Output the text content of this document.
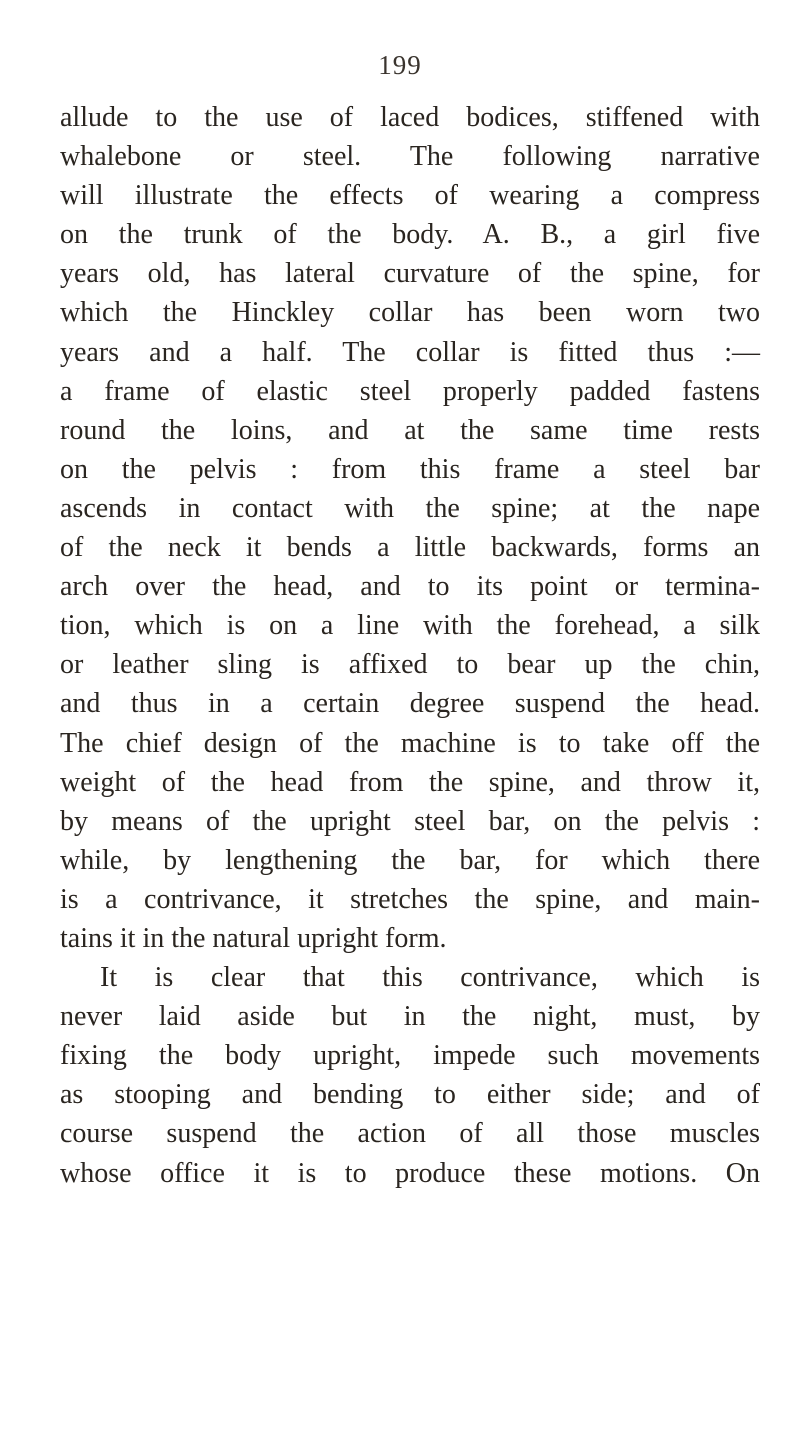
199
allude to the use of laced bodices, stiffened with
whalebone or steel. The following narrative
will illustrate the effects of wearing a compress
on the trunk of the body. A. B., a girl five
years old, has lateral curvature of the spine, for
which the Hinckley collar has been worn two
years and a half. The collar is fitted thus :—
a frame of elastic steel properly padded fastens
round the loins, and at the same time rests
on the pelvis : from this frame a steel bar
ascends in contact with the spine; at the nape
of the neck it bends a little backwards, forms an
arch over the head, and to its point or termina-
tion, which is on a line with the forehead, a silk
or leather sling is affixed to bear up the chin,
and thus in a certain degree suspend the head.
The chief design of the machine is to take off the
weight of the head from the spine, and throw it,
by means of the upright steel bar, on the pelvis :
while, by lengthening the bar, for which there
is a contrivance, it stretches the spine, and main-
tains it in the natural upright form.
It is clear that this contrivance, which is
never laid aside but in the night, must, by
fixing the body upright, impede such movements
as stooping and bending to either side; and of
course suspend the action of all those muscles
whose office it is to produce these motions. On
